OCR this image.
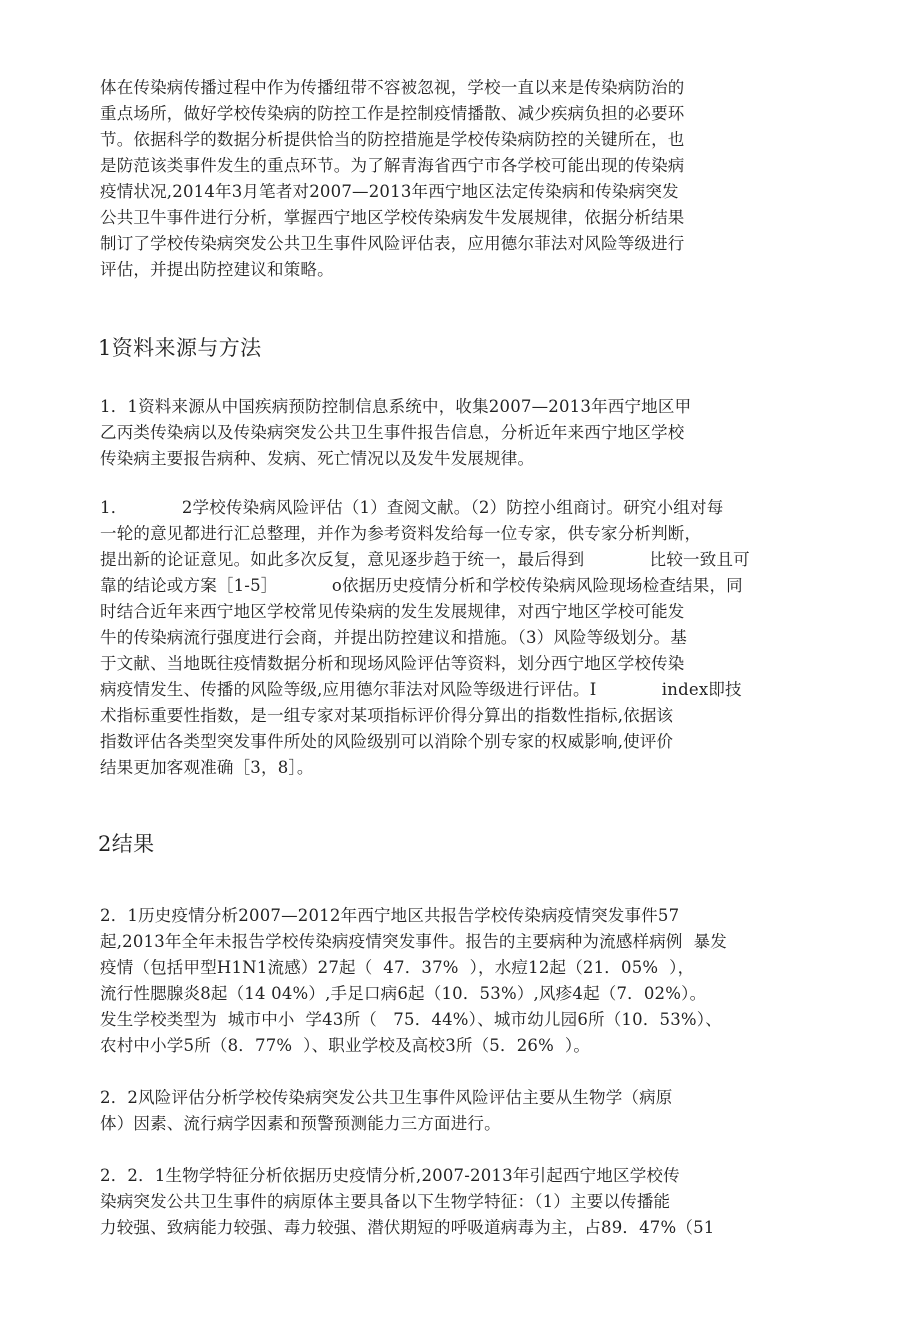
体在传染病传播过程中作为传播纽带不容被忽视，学校一直以来是传染病防治的
重点场所，做好学校传染病的防控工作是控制疫情播散、减少疾病负担的必要环
节。依据科学的数据分析提供恰当的防控措施是学校传染病防控的关键所在，也
是防范该类事件发生的重点环节。为了解青海省西宁市各学校可能出现的传染病
疫情状况,2014年3月笔者对2007—2013年西宁地区法定传染病和传染病突发
公共卫牛事件进行分析，掌握西宁地区学校传染病发牛发展规律，依据分析结果
制订了学校传染病突发公共卫生事件风险评估表，应用德尔菲法对风险等级进行
评估，并提出防控建议和策略。
1资料来源与方法
1．1资料来源从中国疾病预防控制信息系统中，收集2007—2013年西宁地区甲
乙丙类传染病以及传染病突发公共卫生事件报告信息，分析近年来西宁地区学校
传染病主要报告病种、发病、死亡情况以及发牛发展规律。
1．          2学校传染病风险评估（1）查阅文献。（2）防控小组商讨。研究小组对每
一轮的意见都进行汇总整理，并作为参考资料发给每一位专家，供专家分析判断，
提出新的论证意见。如此多次反复，意见逐步趋于统一，最后得到            比较一致且可
靠的结论或方案［1-5］          o依据历史疫情分析和学校传染病风险现场检查结果，同
时结合近年来西宁地区学校常见传染病的发生发展规律，对西宁地区学校可能发
牛的传染病流行强度进行会商，并提出防控建议和措施。（3）风险等级划分。基
于文献、当地既往疫情数据分析和现场风险评估等资料，划分西宁地区学校传染
病疫情发生、传播的风险等级,应用德尔菲法对风险等级进行评估。I            index即技
术指标重要性指数，是一组专家对某项指标评价得分算出的指数性指标,依据该
指数评估各类型突发事件所处的风险级别可以消除个别专家的权威影响,使评价
结果更加客观准确［3，8］。
2结果
2．1历史疫情分析2007—2012年西宁地区共报告学校传染病疫情突发事件57
起,2013年全年未报告学校传染病疫情突发事件。报告的主要病种为流感样病例  暴发
疫情（包括甲型H1N1流感）27起（  47．37%  ），水痘12起（21．05%  ），
流行性腮腺炎8起（14 04%）,手足口病6起（10．53%）,风疹4起（7．02%）。
发生学校类型为  城市中小  学43所（   75．44%）、城市幼儿园6所（10．53%）、
农村中小学5所（8．77%  ）、职业学校及高校3所（5．26%  ）。
2．2风险评估分析学校传染病突发公共卫生事件风险评估主要从生物学（病原
体）因素、流行病学因素和预警预测能力三方面进行。
2．2．1生物学特征分析依据历史疫情分析,2007-2013年引起西宁地区学校传
染病突发公共卫生事件的病原体主要具备以下生物学特征：（1）主要以传播能
力较强、致病能力较强、毒力较强、潜伏期短的呼吸道病毒为主，占89．47%（51
